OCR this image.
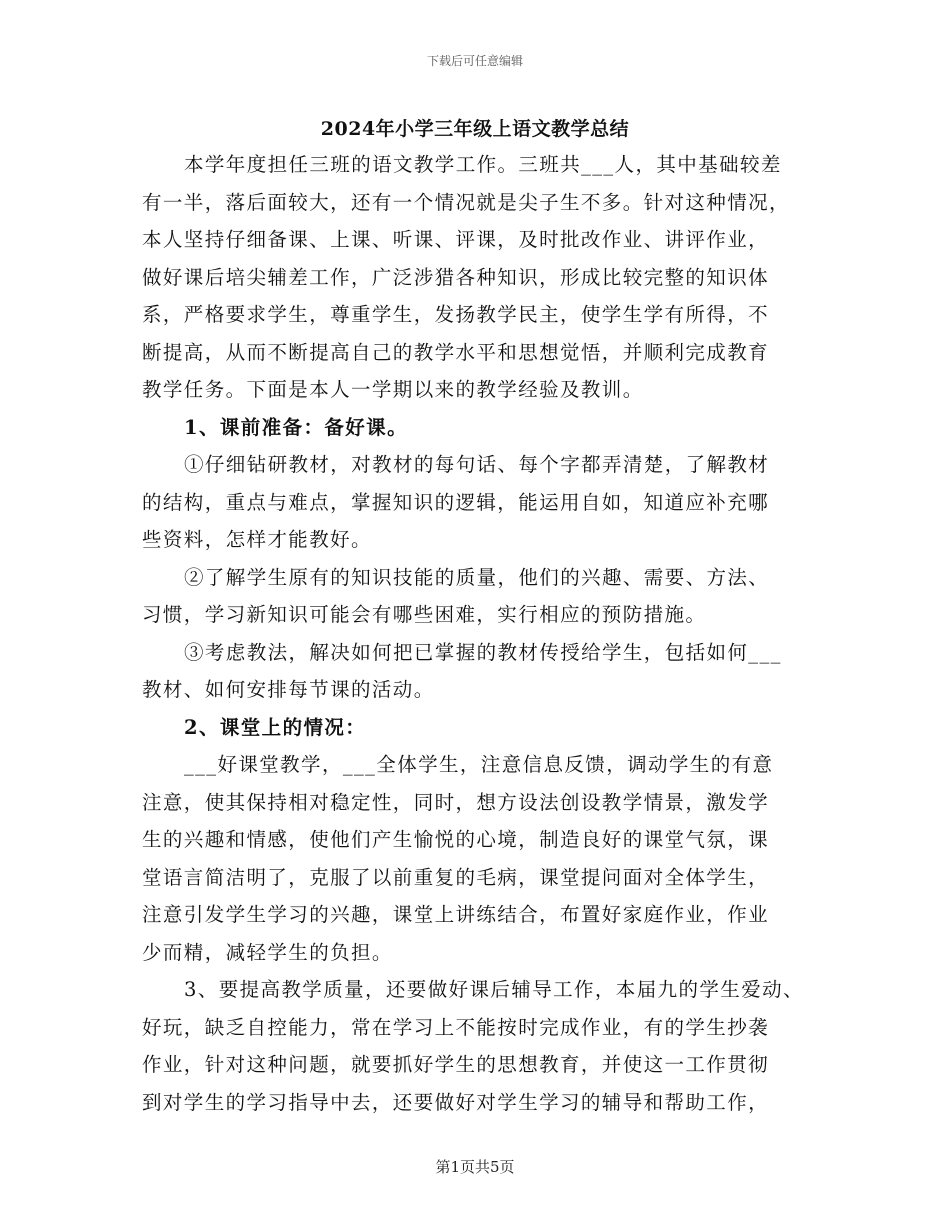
下载后可任意编辑
2024年小学三年级上语文教学总结
本学年度担任三班的语文教学工作。三班共___人，其中基础较差
有一半，落后面较大，还有一个情况就是尖子生不多。针对这种情况，
本人坚持仔细备课、上课、听课、评课，及时批改作业、讲评作业，
做好课后培尖辅差工作，广泛涉猎各种知识，形成比较完整的知识体
系，严格要求学生，尊重学生，发扬教学民主，使学生学有所得，不
断提高，从而不断提高自己的教学水平和思想觉悟，并顺利完成教育
教学任务。下面是本人一学期以来的教学经验及教训。
1、课前准备：备好课。
①仔细钻研教材，对教材的每句话、每个字都弄清楚，了解教材
的结构，重点与难点，掌握知识的逻辑，能运用自如，知道应补充哪
些资料，怎样才能教好。
②了解学生原有的知识技能的质量，他们的兴趣、需要、方法、
习惯，学习新知识可能会有哪些困难，实行相应的预防措施。
③考虑教法，解决如何把已掌握的教材传授给学生，包括如何___
教材、如何安排每节课的活动。
2、课堂上的情况：
___好课堂教学，___全体学生，注意信息反馈，调动学生的有意
注意，使其保持相对稳定性，同时，想方设法创设教学情景，激发学
生的兴趣和情感，使他们产生愉悦的心境，制造良好的课堂气氛，课
堂语言简洁明了，克服了以前重复的毛病，课堂提问面对全体学生，
注意引发学生学习的兴趣，课堂上讲练结合，布置好家庭作业，作业
少而精，减轻学生的负担。
3、要提高教学质量，还要做好课后辅导工作，本届九的学生爱动、
好玩，缺乏自控能力，常在学习上不能按时完成作业，有的学生抄袭
作业，针对这种问题，就要抓好学生的思想教育，并使这一工作贯彻
到对学生的学习指导中去，还要做好对学生学习的辅导和帮助工作，
第1页共5页
